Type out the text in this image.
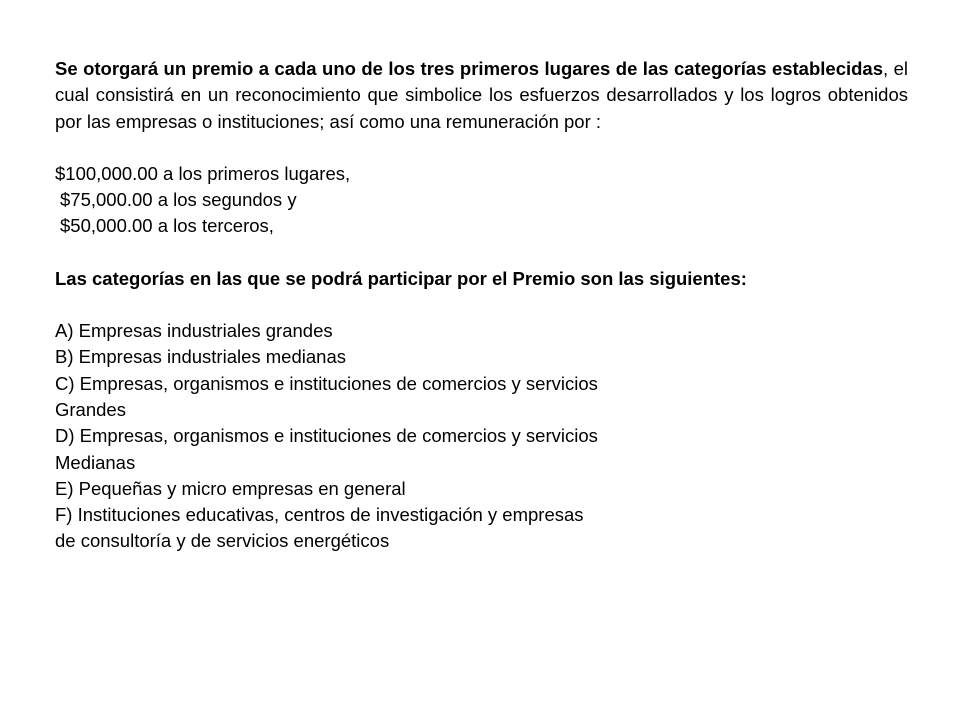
Se otorgará un premio a cada uno de los tres primeros lugares de las categorías establecidas, el cual consistirá en un reconocimiento que simbolice los esfuerzos desarrollados y los logros obtenidos por las empresas o instituciones; así como una remuneración por :

$100,000.00 a los primeros lugares,
$75,000.00 a los segundos y
$50,000.00 a los terceros,
Las categorías en las que se podrá participar por el Premio son las siguientes:
A) Empresas industriales grandes
B) Empresas industriales medianas
C) Empresas, organismos e instituciones de comercios y servicios
Grandes
D) Empresas, organismos e instituciones de comercios y servicios
Medianas
E) Pequeñas y micro empresas en general
F) Instituciones educativas, centros de investigación y empresas
de consultoría y de servicios energéticos
